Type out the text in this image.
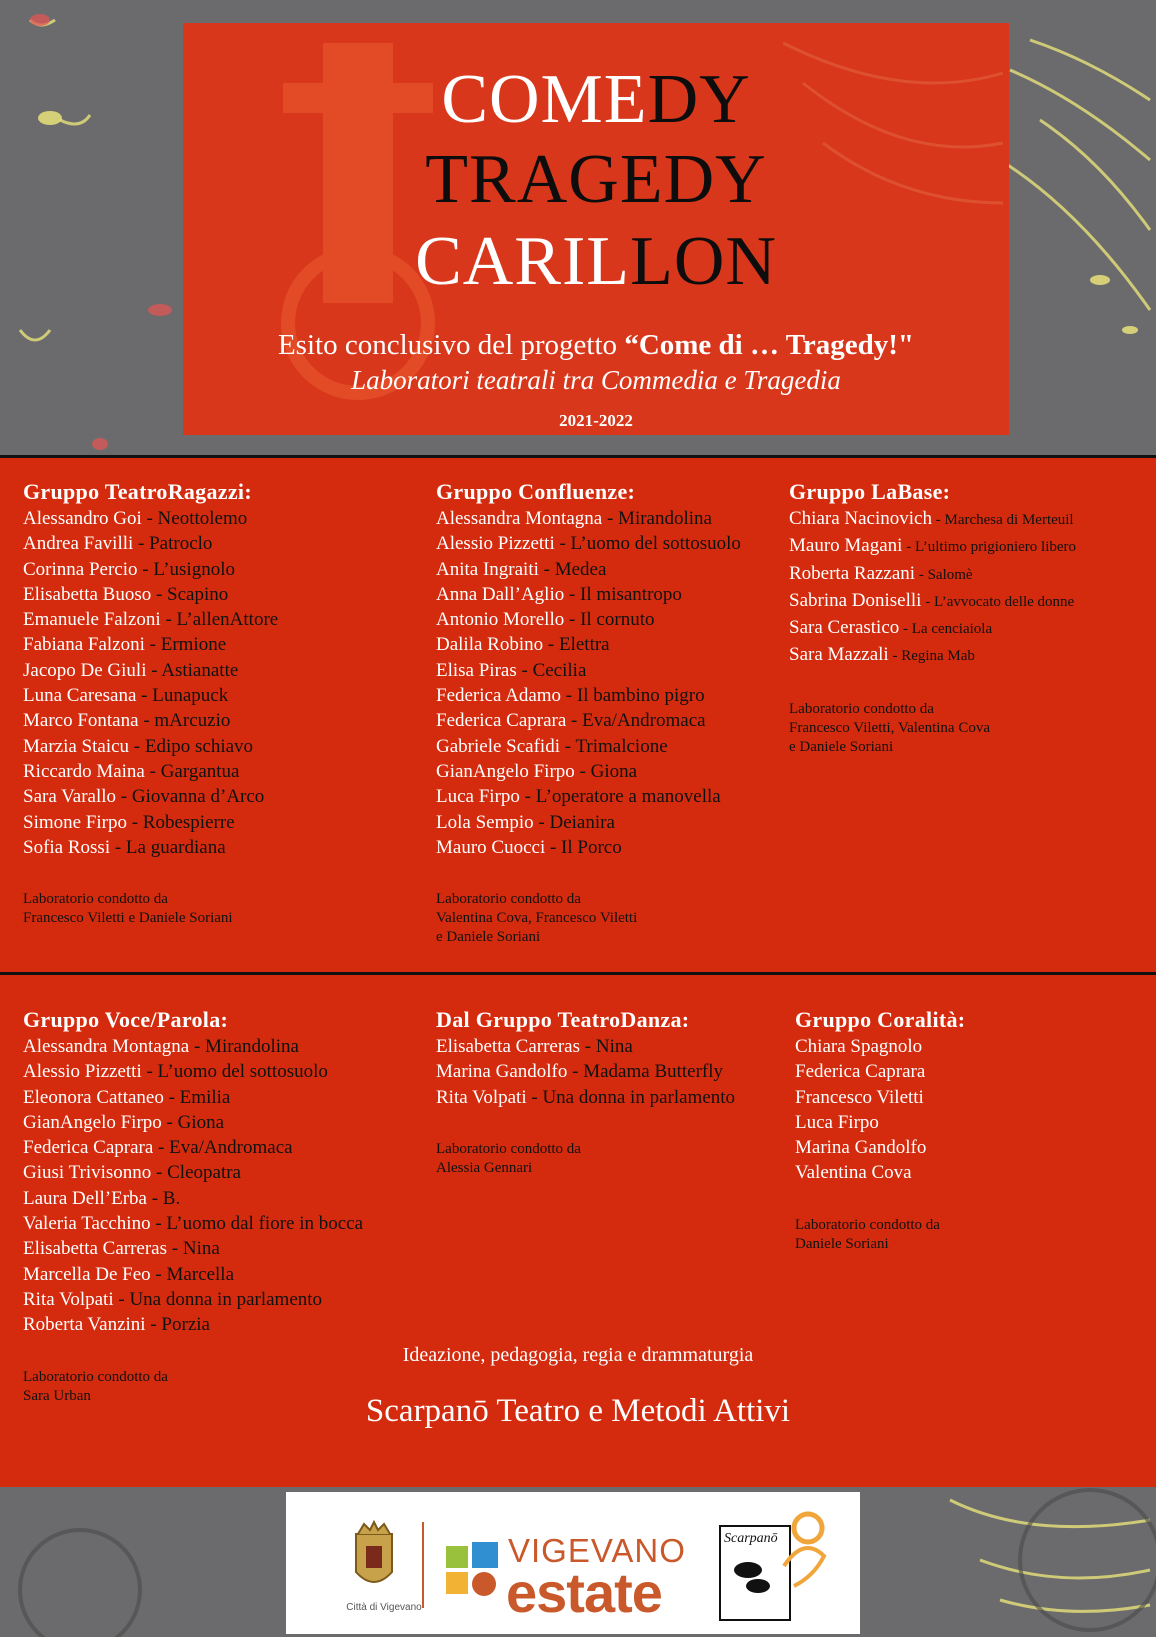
COMEDY
TRAGEDY
CARILLON
Esito conclusivo del progetto “Come di … Tragedy!"
Laboratori teatrali tra Commedia e Tragedia
2021-2022
Gruppo TeatroRagazzi:
Alessandro Goi - Neottolemo
Andrea Favilli - Patroclo
Corinna Percio - L’usignolo
Elisabetta Buoso - Scapino
Emanuele Falzoni - L’allenAttore
Fabiana Falzoni - Ermione
Jacopo De Giuli - Astianatte
Luna Caresana - Lunapuck
Marco Fontana - mArcuzio
Marzia Staicu - Edipo schiavo
Riccardo Maina - Gargantua
Sara Varallo - Giovanna d’Arco
Simone Firpo - Robespierre
Sofia Rossi - La guardiana
Laboratorio condotto da
Francesco Viletti e Daniele Soriani
Gruppo Confluenze:
Alessandra Montagna - Mirandolina
Alessio Pizzetti - L’uomo del sottosuolo
Anita Ingraiti - Medea
Anna Dall’Aglio - Il misantropo
Antonio Morello - Il cornuto
Dalila Robino - Elettra
Elisa Piras - Cecilia
Federica Adamo - Il bambino pigro
Federica Caprara - Eva/Andromaca
Gabriele Scafidi - Trimalcione
GianAngelo Firpo - Giona
Luca Firpo - L’operatore a manovella
Lola Sempio - Deianira
Mauro Cuocci - Il Porco
Laboratorio condotto da
Valentina Cova, Francesco Viletti
e Daniele Soriani
Gruppo LaBase:
Chiara Nacinovich - Marchesa di Merteuil
Mauro Magani - L’ultimo prigioniero libero
Roberta Razzani - Salomè
Sabrina Doniselli - L’avvocato delle donne
Sara Cerastico - La cenciaiola
Sara Mazzali - Regina Mab
Laboratorio condotto da
Francesco Viletti, Valentina Cova
e Daniele Soriani
Gruppo Voce/Parola:
Alessandra Montagna - Mirandolina
Alessio Pizzetti - L’uomo del sottosuolo
Eleonora Cattaneo - Emilia
GianAngelo Firpo - Giona
Federica Caprara - Eva/Andromaca
Giusi Trivisonno - Cleopatra
Laura Dell’Erba - B.
Valeria Tacchino - L’uomo dal fiore in bocca
Elisabetta Carreras - Nina
Marcella De Feo - Marcella
Rita Volpati - Una donna in parlamento
Roberta Vanzini - Porzia
Laboratorio condotto da
Sara Urban
Dal Gruppo TeatroDanza:
Elisabetta Carreras - Nina
Marina Gandolfo - Madama Butterfly
Rita Volpati - Una donna in parlamento
Laboratorio condotto da
Alessia Gennari
Gruppo Coralità:
Chiara Spagnolo
Federica Caprara
Francesco Viletti
Luca Firpo
Marina Gandolfo
Valentina Cova
Laboratorio condotto da
Daniele Soriani
Ideazione, pedagogia, regia e drammaturgia
Scarpanō Teatro e Metodi Attivi
Città di Vigevano
VIGEVANO
estate
Scarpanō
